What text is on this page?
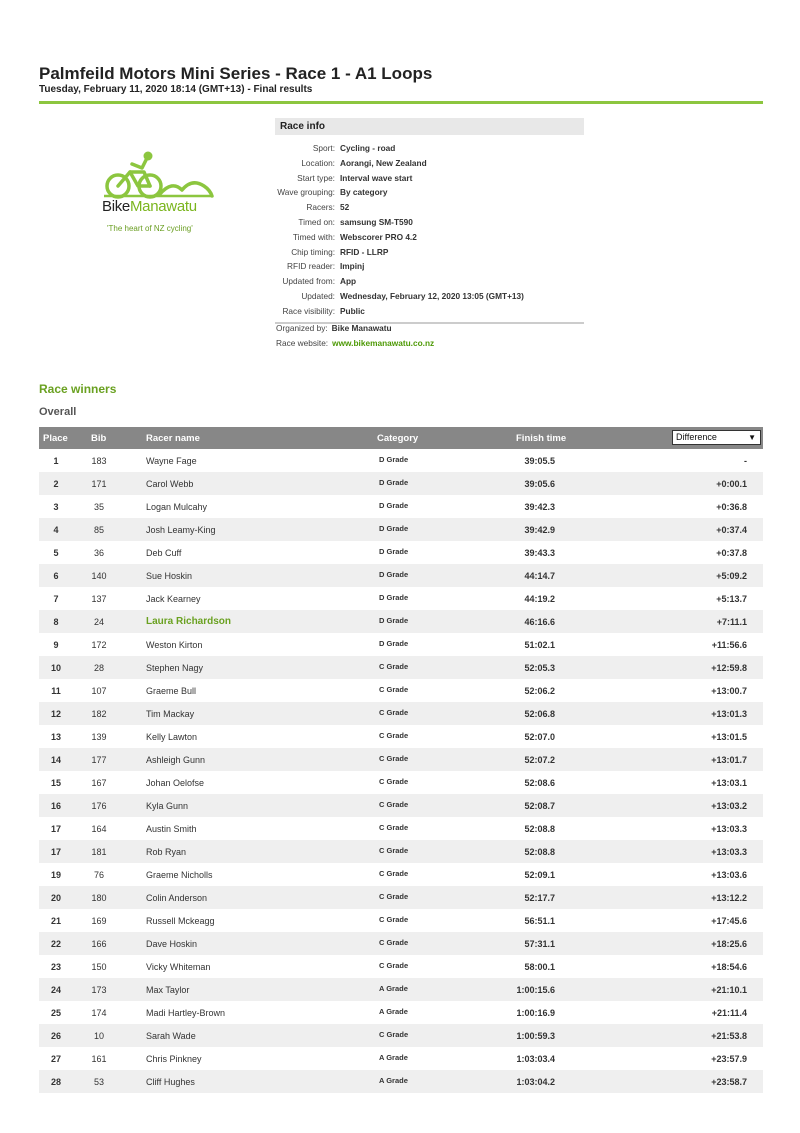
Palmfeild Motors Mini Series - Race 1 - A1 Loops
Tuesday, February 11, 2020 18:14 (GMT+13) - Final results
BikeManawatu
'The heart of NZ cycling'
Race info
Sport: Cycling - road
Location: Aorangi, New Zealand
Start type: Interval wave start
Wave grouping: By category
Racers: 52
Timed on: samsung SM-T590
Timed with: Webscorer PRO 4.2
Chip timing: RFID - LLRP
RFID reader: Impinj
Updated from: App
Updated: Wednesday, February 12, 2020 13:05 (GMT+13)
Race visibility: Public
Organized by: Bike Manawatu
Race website: www.bikemanawatu.co.nz
Race winners
Overall
Place Bib	Racer name	Category	Finish time	Difference	▼
1	183	Wayne Fage	D Grade	39:05.5	-
2	171	Carol Webb	D Grade	39:05.6	+0:00.1
3	35	Logan Mulcahy	D Grade	39:42.3	+0:36.8
4	85	Josh Leamy-King	D Grade	39:42.9	+0:37.4
5	36	Deb Cuff	D Grade	39:43.3	+0:37.8
6	140	Sue Hoskin	D Grade	44:14.7	+5:09.2
7	137	Jack Kearney	D Grade	44:19.2	+5:13.7
8	24	Laura Richardson	D Grade	46:16.6	+7:11.1
9	172	Weston Kirton	D Grade	51:02.1	+11:56.6
10	28	Stephen Nagy	C Grade	52:05.3	+12:59.8
11	107	Graeme Bull	C Grade	52:06.2	+13:00.7
12	182	Tim Mackay	C Grade	52:06.8	+13:01.3
13	139	Kelly Lawton	C Grade	52:07.0	+13:01.5
14	177	Ashleigh Gunn	C Grade	52:07.2	+13:01.7
15	167	Johan Oelofse	C Grade	52:08.6	+13:03.1
16	176	Kyla Gunn	C Grade	52:08.7	+13:03.2
17	164	Austin Smith	C Grade	52:08.8	+13:03.3
17	181	Rob Ryan	C Grade	52:08.8	+13:03.3
19	76	Graeme Nicholls	C Grade	52:09.1	+13:03.6
20	180	Colin Anderson	C Grade	52:17.7	+13:12.2
21	169	Russell Mckeagg	C Grade	56:51.1	+17:45.6
22	166	Dave Hoskin	C Grade	57:31.1	+18:25.6
23	150	Vicky Whiteman	C Grade	58:00.1	+18:54.6
24	173	Max Taylor	A Grade	1:00:15.6	+21:10.1
25	174	Madi Hartley-Brown	A Grade	1:00:16.9	+21:11.4
26	10	Sarah Wade	C Grade	1:00:59.3	+21:53.8
27	161	Chris Pinkney	A Grade	1:03:03.4	+23:57.9
28	53	Cliff Hughes	A Grade	1:03:04.2	+23:58.7
